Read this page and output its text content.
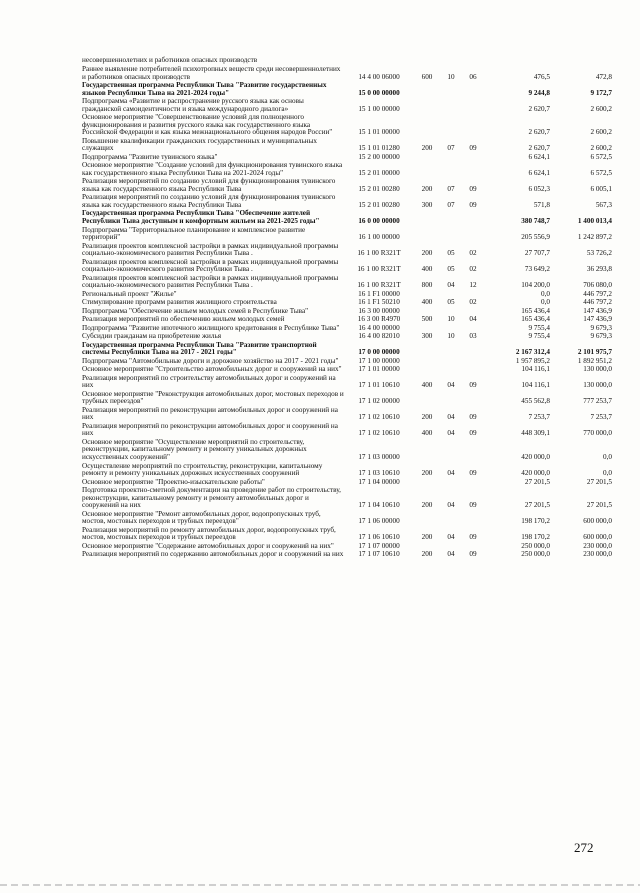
несовершеннолетних и работников опасных производств						
Раннее выявление потребителей психотропных веществ среди несовершеннолетних и работников опасных производств	14 4 00 06000	600	10	06	476,5	472,8
Государственная программа Республики Тыва "Развитие государственных языков Республики Тыва на 2021-2024 годы"	15 0 00 00000				9 244,8	9 172,7
Подпрограмма «Развитие и распространение русского языка как основы гражданской самоидентичности и языка международного диалога»	15 1 00 00000				2 620,7	2 600,2
Основное мероприятие "Совершенствование условий для полноценного функционирования и развития русского языка как государственного языка Российской Федерации и как языка межнационального общения народов России"	15 1 01 00000				2 620,7	2 600,2
Повышение квалификации гражданских государственных и муниципальных служащих	15 1 01 01280	200	07	09	2 620,7	2 600,2
Подпрограмма "Развитие тувинского языка"	15 2 00 00000				6 624,1	6 572,5
Основное мероприятие "Создание условий для функционирования тувинского языка как государственного языка Республики Тыва на 2021-2024 годы"	15 2 01 00000				6 624,1	6 572,5
Реализация мероприятий по созданию условий для функционирования тувинского языка как государственного языка Республики Тыва	15 2 01 00280	200	07	09	6 052,3	6 005,1
Реализация мероприятий по созданию условий для функционирования тувинского языка как государственного языка Республики Тыва	15 2 01 00280	300	07	09	571,8	567,3
Государственная программа Республики Тыва "Обеспечение жителей Республики Тыва доступным и комфортным жильем на 2021-2025 годы"	16 0 00 00000				380 748,7	1 400 013,4
Подпрограмма "Территориальное планирование и комплексное развитие территорий"	16 1 00 00000				205 556,9	1 242 897,2
Реализация проектов комплексной застройки в рамках индивидуальной программы социально-экономического развития Республики Тыва .	16 1 00 R321T	200	05	02	27 707,7	53 726,2
Реализация проектов комплексной застройки в рамках индивидуальной программы социально-экономического развития Республики Тыва .	16 1 00 R321T	400	05	02	73 649,2	36 293,8
Реализация проектов комплексной застройки в рамках индивидуальной программы социально-экономического развития Республики Тыва .	16 1 00 R321T	800	04	12	104 200,0	706 080,0
Региональный проект "Жилье"	16 1 F1 00000				0,0	446 797,2
Стимулирование программ развития жилищного строительства	16 1 F1 50210	400	05	02	0,0	446 797,2
Подпрограмма "Обеспечение жильем молодых семей в Республике Тыва"	16 3 00 00000				165 436,4	147 436,9
Реализация мероприятий по обеспечению жильем молодых семей	16 3 00 R4970	500	10	04	165 436,4	147 436,9
Подпрограмма "Развитие ипотечного жилищного кредитования в Республике Тыва"	16 4 00 00000				9 755,4	9 679,3
Субсидии гражданам на приобретение жилья	16 4 00 82010	300	10	03	9 755,4	9 679,3
Государственная программа Республики Тыва "Развитие транспортной системы Республики Тыва на 2017 - 2021 годы"	17 0 00 00000				2 167 312,4	2 101 975,7
Подпрограмма "Автомобильные дороги и дорожное хозяйство на 2017 - 2021 годы"	17 1 00 00000				1 957 895,2	1 892 951,2
Основное мероприятие "Строительство автомобильных дорог и сооружений на них"	17 1 01 00000				104 116,1	130 000,0
Реализация мероприятий по строительству автомобильных дорог и сооружений на них	17 1 01 10610	400	04	09	104 116,1	130 000,0
Основное мероприятие "Реконструкция автомобильных дорог, мостовых переходов и трубных переездов"	17 1 02 00000				455 562,8	777 253,7
Реализация мероприятий по реконструкции автомобильных дорог и сооружений на них	17 1 02 10610	200	04	09	7 253,7	7 253,7
Реализация мероприятий по реконструкции автомобильных дорог и сооружений на них	17 1 02 10610	400	04	09	448 309,1	770 000,0
Основное мероприятие "Осуществление мероприятий по строительству, реконструкции, капитальному ремонту и ремонту уникальных дорожных искусственных сооружений"	17 1 03 00000				420 000,0	0,0
Осуществление мероприятий по строительству, реконструкции, капитальному ремонту и ремонту уникальных дорожных искусственных сооружений	17 1 03 10610	200	04	09	420 000,0	0,0
Основное мероприятие "Проектно-изыскательские работы"	17 1 04 00000				27 201,5	27 201,5
Подготовка проектно-сметной документации на проведение работ по строительству, реконструкции, капитальному ремонту и ремонту автомобильных дорог и сооружений на них	17 1 04 10610	200	04	09	27 201,5	27 201,5
Основное мероприятие "Ремонт автомобильных дорог, водопропускных труб, мостов, мостовых переходов и трубных переездов"	17 1 06 00000				198 170,2	600 000,0
Реализация мероприятий по ремонту автомобильных дорог, водопропускных труб, мостов, мостовых переходов и трубных переездов	17 1 06 10610	200	04	09	198 170,2	600 000,0
Основное мероприятие "Содержание автомобильных дорог и сооружений на них"	17 1 07 00000				250 000,0	230 000,0
Реализация мероприятий по содержанию автомобильных дорог и сооружений на них	17 1 07 10610	200	04	09	250 000,0	230 000,0
272
